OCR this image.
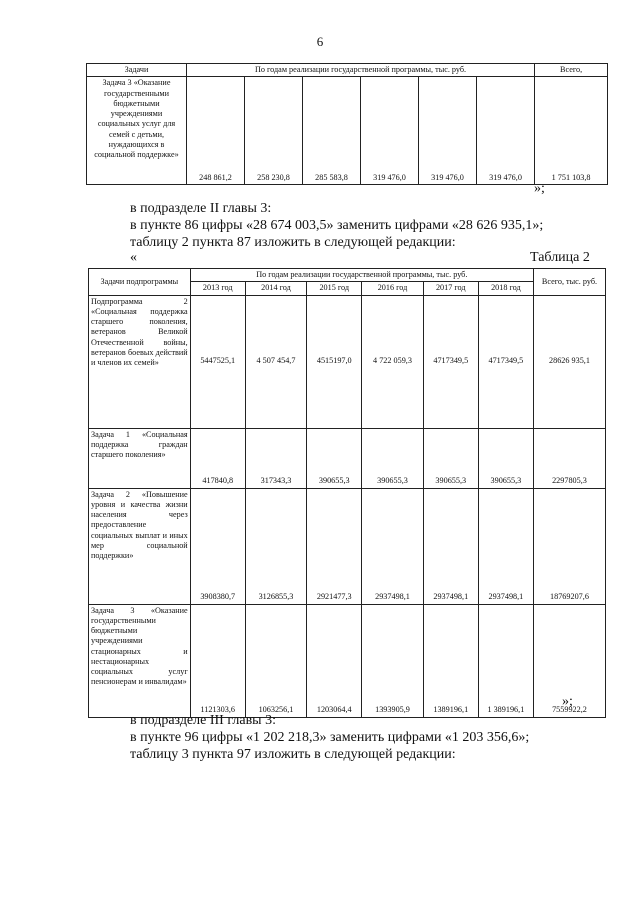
6
Задачи	По годам реализации государственной программы, тыс. руб.						Всего,
Задача 3 «Оказание государственными бюджетными учреждениями социальных услуг для семей с детьми, нуждающихся в социальной поддержке»	248 861,2	258 230,8	285 583,8	319 476,0	319 476,0	319 476,0	1 751 103,8
»;
в подразделе II главы 3:
в пункте 86 цифры «28 674 003,5» заменить цифрами «28 626 935,1»;
таблицу 2 пункта 87 изложить в следующей редакции:
«	Таблица 2
Задачи подпрограммы	По годам реализации государственной программы, тыс. руб.						Всего, тыс. руб.
	2013 год	2014 год	2015 год	2016 год	2017 год	2018 год	
Подпрограмма 2 «Социальная поддержка старшего поколения, ветеранов Великой Отечественной войны, ветеранов боевых действий и членов их семей»	5447525,1	4 507 454,7	4515197,0	4 722 059,3	4717349,5	4717349,5	28626 935,1
Задача 1 «Социальная поддержка граждан старшего поколения»	417840,8	317343,3	390655,3	390655,3	390655,3	390655,3	2297805,3
Задача 2 «Повышение уровня и качества жизни населения через предоставление социальных выплат и иных мер социальной поддержки»	3908380,7	3126855,3	2921477,3	2937498,1	2937498,1	2937498,1	18769207,6
Задача 3 «Оказание государственными бюджетными учреждениями стационарных и нестационарных социальных услуг пенсионерам и инвалидам»	1121303,6	1063256,1	1203064,4	1393905,9	1389196,1	1 389196,1	7559922,2
»;
в подразделе III главы 3:
в пункте 96 цифры «1 202 218,3» заменить цифрами «1 203 356,6»;
таблицу 3 пункта 97 изложить в следующей редакции:
